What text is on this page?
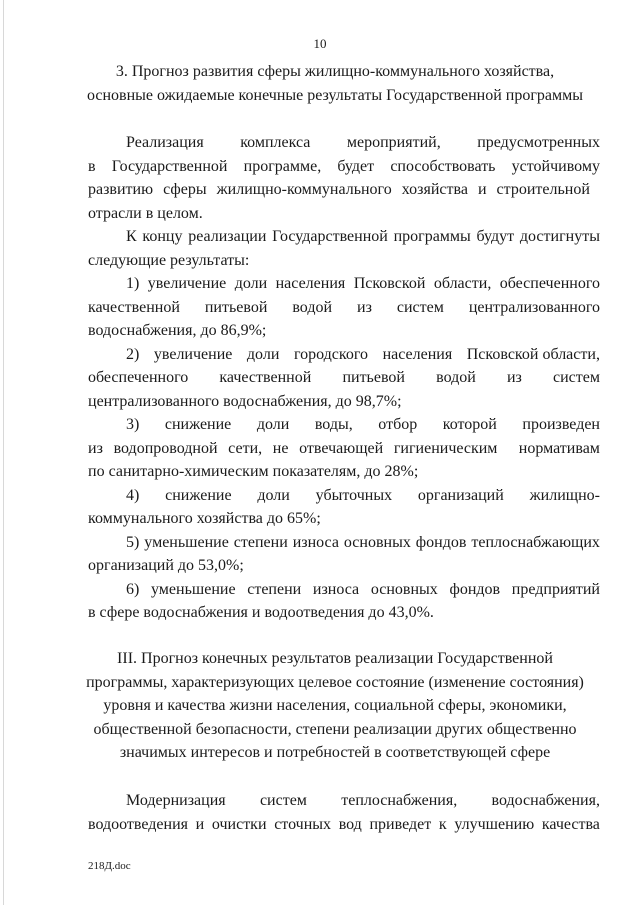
10
3. Прогноз развития сферы жилищно-коммунального хозяйства,
основные ожидаемые конечные результаты Государственной программы
Реализация комплекса мероприятий, предусмотренных
в Государственной программе, будет способствовать устойчивому
развитию сферы жилищно-коммунального хозяйства и строительной
отрасли в целом.
К концу реализации Государственной программы будут достигнуты
следующие результаты:
1) увеличение доли населения Псковской области, обеспеченного
качественной питьевой водой из систем централизованного
водоснабжения, до 86,9%;
2) увеличение доли городского населения Псковской области,
обеспеченного качественной питьевой водой из систем
централизованного водоснабжения, до 98,7%;
3) снижение доли воды, отбор которой произведен
из водопроводной сети, не отвечающей гигиеническим нормативам
по санитарно-химическим показателям, до 28%;
4) снижение доли убыточных организаций жилищно-
коммунального хозяйства до 65%;
5) уменьшение степени износа основных фондов теплоснабжающих
организаций до 53,0%;
6) уменьшение степени износа основных фондов предприятий
в сфере водоснабжения и водоотведения до 43,0%.
III. Прогноз конечных результатов реализации Государственной
программы, характеризующих целевое состояние (изменение состояния)
уровня и качества жизни населения, социальной сферы, экономики,
общественной безопасности, степени реализации других общественно
значимых интересов и потребностей в соответствующей сфере
Модернизация систем теплоснабжения, водоснабжения,
водоотведения и очистки сточных вод приведет к улучшению качества
218Д.doc
